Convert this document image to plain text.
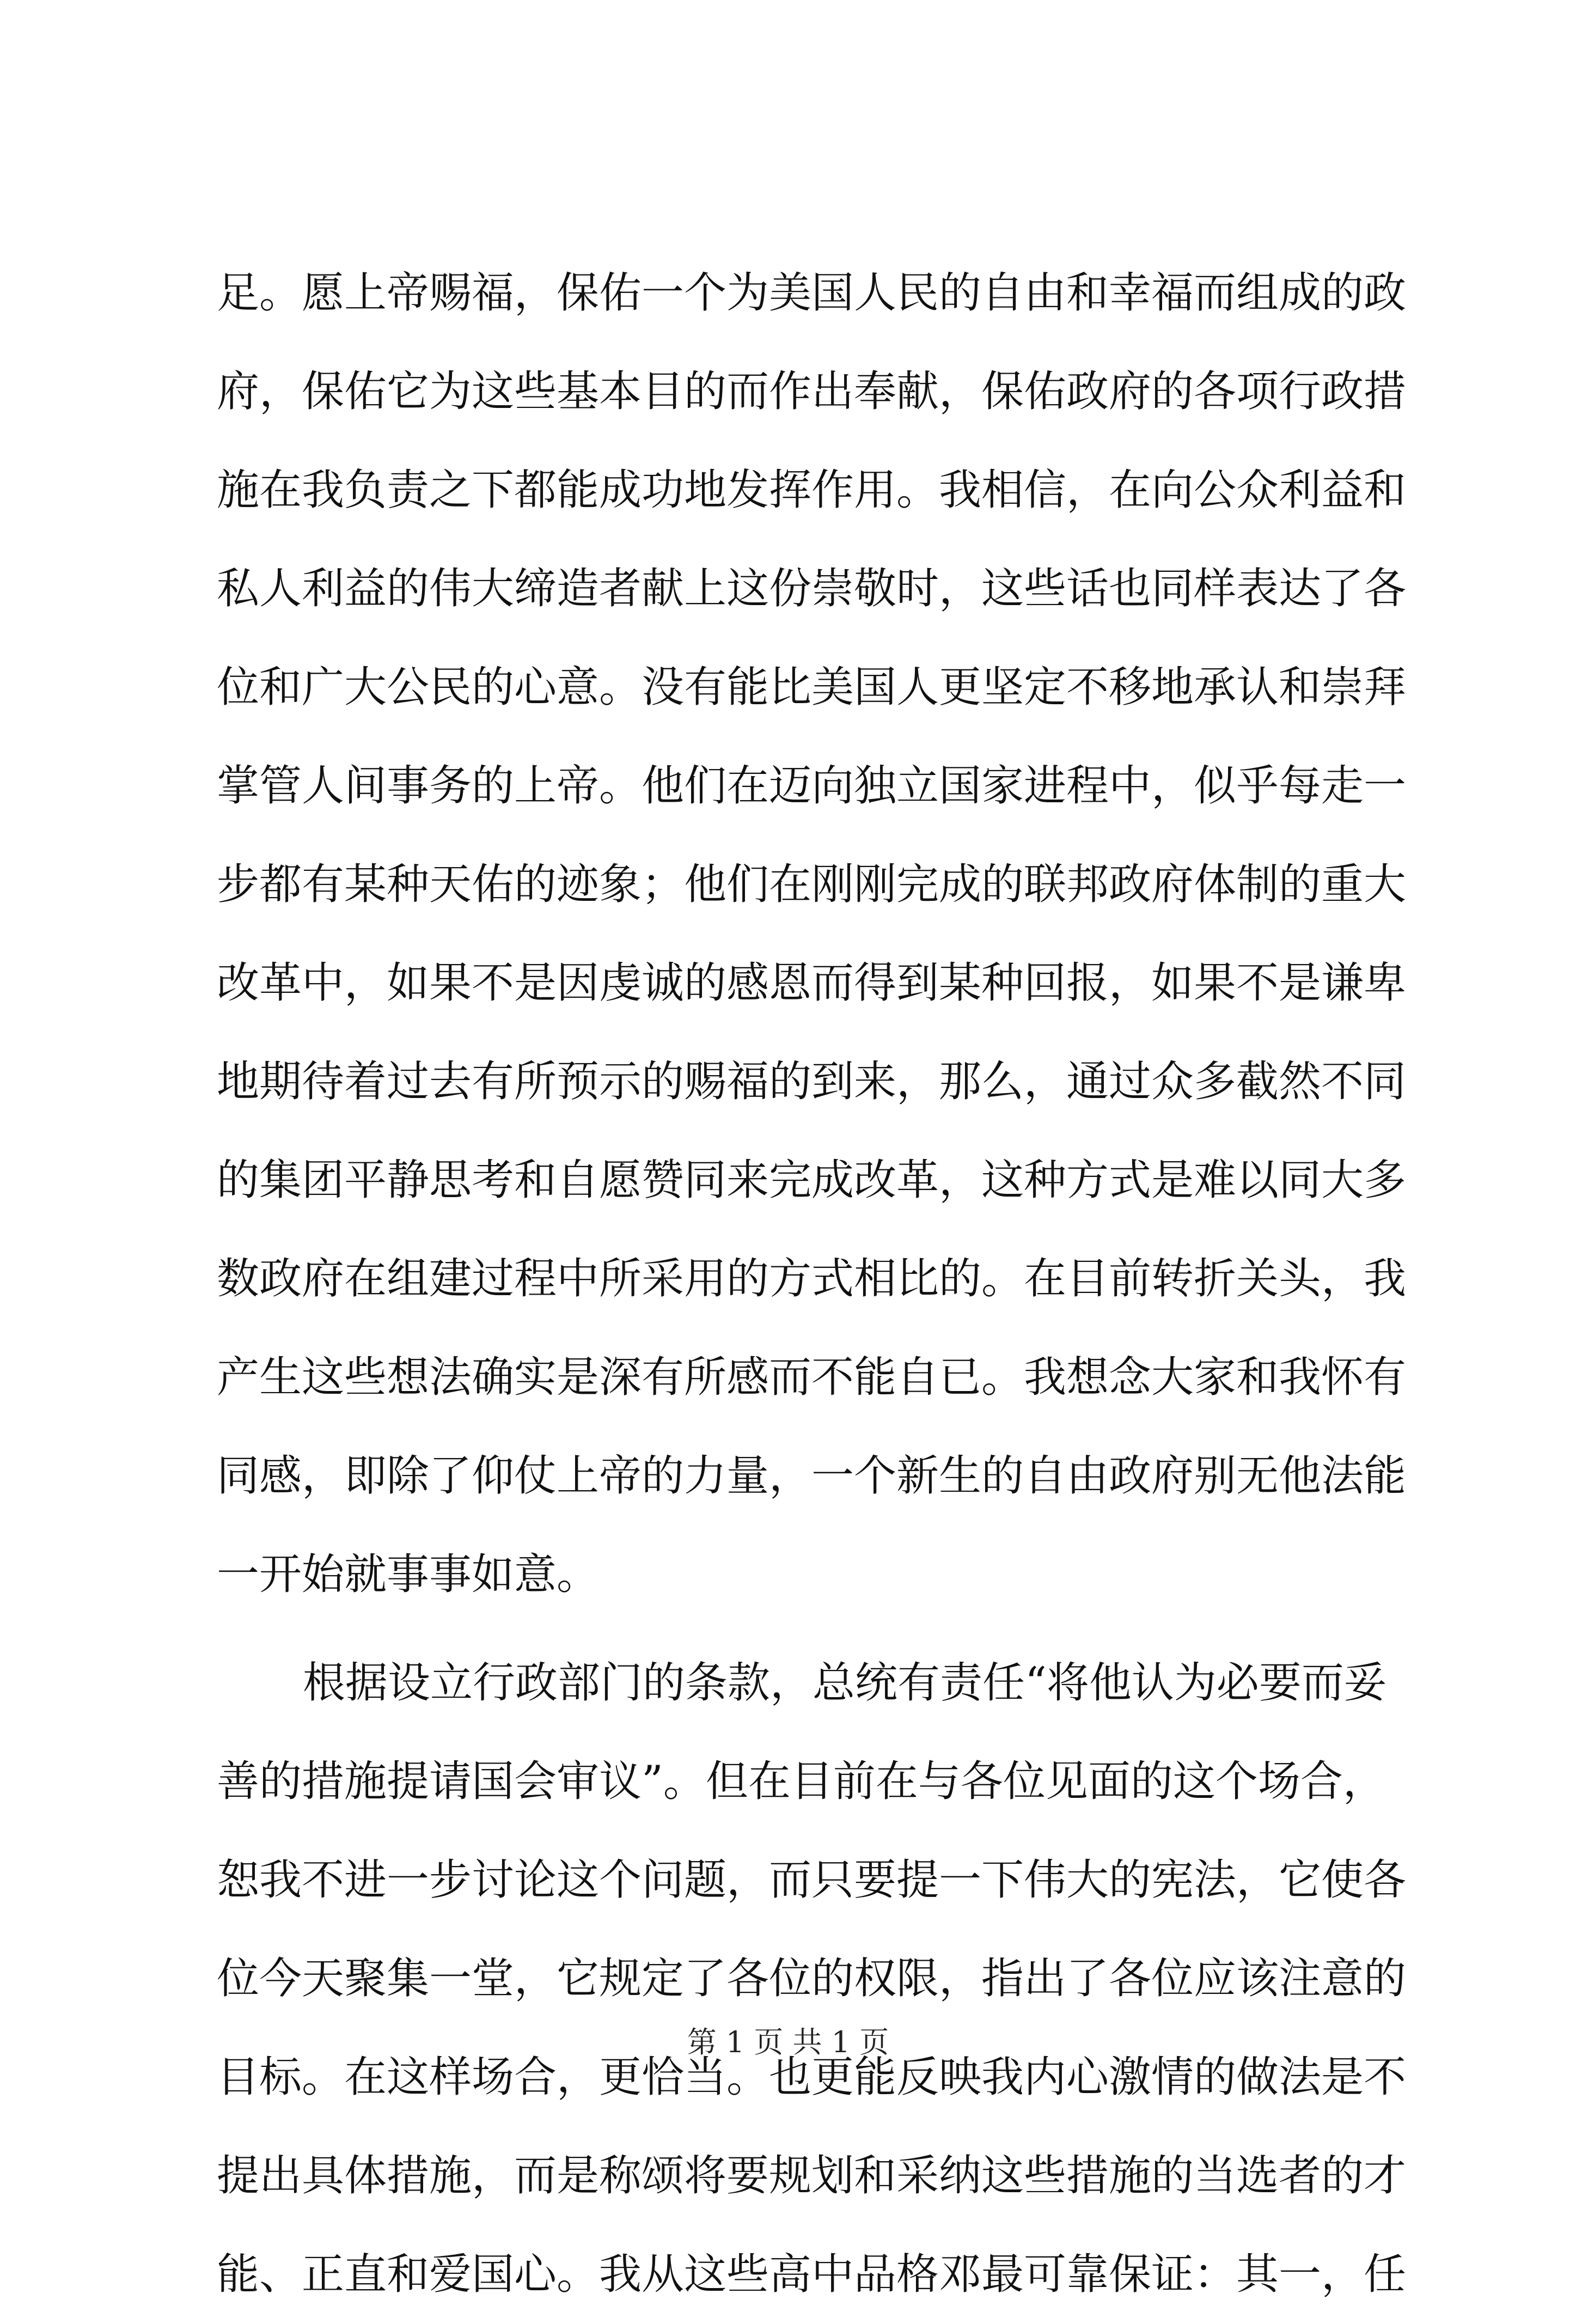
足。愿上帝赐福，保佑一个为美国人民的自由和幸福而组成的政
府，保佑它为这些基本目的而作出奉献，保佑政府的各项行政措
施在我负责之下都能成功地发挥作用。我相信，在向公众利益和
私人利益的伟大缔造者献上这份崇敬时，这些话也同样表达了各
位和广大公民的心意。没有能比美国人更坚定不移地承认和崇拜
掌管人间事务的上帝。他们在迈向独立国家进程中，似乎每走一
步都有某种天佑的迹象；他们在刚刚完成的联邦政府体制的重大
改革中，如果不是因虔诚的感恩而得到某种回报，如果不是谦卑
地期待着过去有所预示的赐福的到来，那么，通过众多截然不同
的集团平静思考和自愿赞同来完成改革，这种方式是难以同大多
数政府在组建过程中所采用的方式相比的。在目前转折关头，我
产生这些想法确实是深有所感而不能自已。我想念大家和我怀有
同感，即除了仰仗上帝的力量，一个新生的自由政府别无他法能
一开始就事事如意。
根据设立行政部门的条款，总统有责任“将他认为必要而妥
善的措施提请国会审议”。但在目前在与各位见面的这个场合，
恕我不进一步讨论这个问题，而只要提一下伟大的宪法，它使各
位今天聚集一堂，它规定了各位的权限，指出了各位应该注意的
目标。在这样场合，更恰当。也更能反映我内心激情的做法是不
提出具体措施，而是称颂将要规划和采纳这些措施的当选者的才
能、正直和爱国心。我从这些高中品格邓最可靠保证：其一，任
第 1 页 共 1 页
